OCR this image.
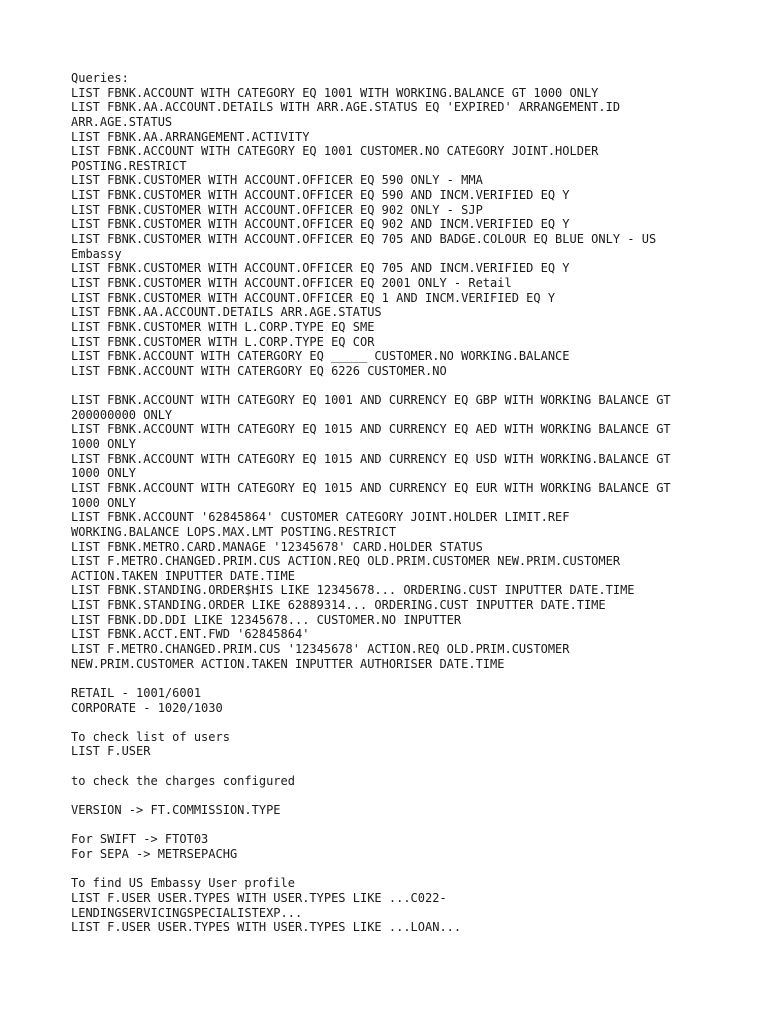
Queries:
LIST FBNK.ACCOUNT WITH CATEGORY EQ 1001 WITH WORKING.BALANCE GT 1000 ONLY
LIST FBNK.AA.ACCOUNT.DETAILS WITH ARR.AGE.STATUS EQ 'EXPIRED' ARRANGEMENT.ID
ARR.AGE.STATUS
LIST FBNK.AA.ARRANGEMENT.ACTIVITY
LIST FBNK.ACCOUNT WITH CATEGORY EQ 1001 CUSTOMER.NO CATEGORY JOINT.HOLDER
POSTING.RESTRICT
LIST FBNK.CUSTOMER WITH ACCOUNT.OFFICER EQ 590 ONLY - MMA
LIST FBNK.CUSTOMER WITH ACCOUNT.OFFICER EQ 590 AND INCM.VERIFIED EQ Y
LIST FBNK.CUSTOMER WITH ACCOUNT.OFFICER EQ 902 ONLY - SJP
LIST FBNK.CUSTOMER WITH ACCOUNT.OFFICER EQ 902 AND INCM.VERIFIED EQ Y
LIST FBNK.CUSTOMER WITH ACCOUNT.OFFICER EQ 705 AND BADGE.COLOUR EQ BLUE ONLY - US
Embassy
LIST FBNK.CUSTOMER WITH ACCOUNT.OFFICER EQ 705 AND INCM.VERIFIED EQ Y
LIST FBNK.CUSTOMER WITH ACCOUNT.OFFICER EQ 2001 ONLY - Retail
LIST FBNK.CUSTOMER WITH ACCOUNT.OFFICER EQ 1 AND INCM.VERIFIED EQ Y
LIST FBNK.AA.ACCOUNT.DETAILS ARR.AGE.STATUS
LIST FBNK.CUSTOMER WITH L.CORP.TYPE EQ SME
LIST FBNK.CUSTOMER WITH L.CORP.TYPE EQ COR
LIST FBNK.ACCOUNT WITH CATERGORY EQ _____ CUSTOMER.NO WORKING.BALANCE
LIST FBNK.ACCOUNT WITH CATERGORY EQ 6226 CUSTOMER.NO
LIST FBNK.ACCOUNT WITH CATEGORY EQ 1001 AND CURRENCY EQ GBP WITH WORKING BALANCE GT
200000000 ONLY
LIST FBNK.ACCOUNT WITH CATEGORY EQ 1015 AND CURRENCY EQ AED WITH WORKING BALANCE GT
1000 ONLY
LIST FBNK.ACCOUNT WITH CATEGORY EQ 1015 AND CURRENCY EQ USD WITH WORKING.BALANCE GT
1000 ONLY
LIST FBNK.ACCOUNT WITH CATEGORY EQ 1015 AND CURRENCY EQ EUR WITH WORKING BALANCE GT
1000 ONLY
LIST FBNK.ACCOUNT '62845864' CUSTOMER CATEGORY JOINT.HOLDER LIMIT.REF
WORKING.BALANCE LOPS.MAX.LMT POSTING.RESTRICT
LIST FBNK.METRO.CARD.MANAGE '12345678' CARD.HOLDER STATUS
LIST F.METRO.CHANGED.PRIM.CUS ACTION.REQ OLD.PRIM.CUSTOMER NEW.PRIM.CUSTOMER
ACTION.TAKEN INPUTTER DATE.TIME
LIST FBNK.STANDING.ORDER$HIS LIKE 12345678... ORDERING.CUST INPUTTER DATE.TIME
LIST FBNK.STANDING.ORDER LIKE 62889314... ORDERING.CUST INPUTTER DATE.TIME
LIST FBNK.DD.DDI LIKE 12345678... CUSTOMER.NO INPUTTER
LIST FBNK.ACCT.ENT.FWD '62845864'
LIST F.METRO.CHANGED.PRIM.CUS '12345678' ACTION.REQ OLD.PRIM.CUSTOMER
NEW.PRIM.CUSTOMER ACTION.TAKEN INPUTTER AUTHORISER DATE.TIME
RETAIL - 1001/6001
CORPORATE - 1020/1030
To check list of users
LIST F.USER
to check the charges configured
VERSION -> FT.COMMISSION.TYPE
For SWIFT -> FTOT03
For SEPA -> METRSEPACHG
To find US Embassy User profile
LIST F.USER USER.TYPES WITH USER.TYPES LIKE ...C022-
LENDINGSERVICINGSPECIALISTEXP...
LIST F.USER USER.TYPES WITH USER.TYPES LIKE ...LOAN...
